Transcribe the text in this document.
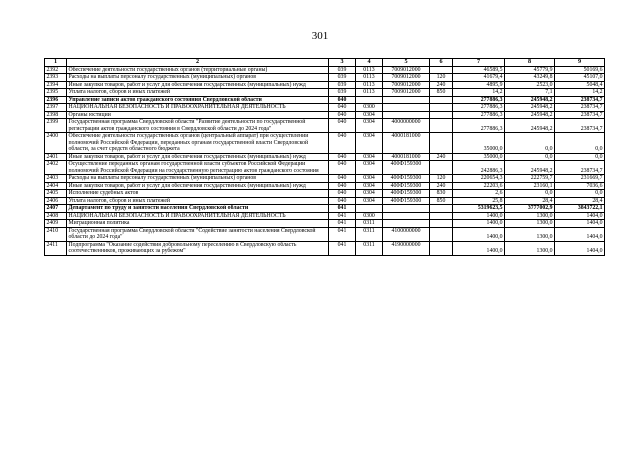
301
1	2	3	4	5	6	7	8	9
2392	Обеспечение деятельности государственных органов (территориальные органы)	039	0113	7009012000		46589,5	45779,9	50169,6
2393	Расходы на выплаты персоналу государственных (муниципальных) органов	039	0113	7009012000	120	41679,4	43249,8	45107,0
2394	Иные закупки товаров, работ и услуг для обеспечения государственных (муниципальных) нужд	039	0113	7009012000	240	4895,9	2523,0	5048,4
2395	Уплата налогов, сборов и иных платежей	039	0113	7009012000	850	14,2	7,1	14,2
2396	Управление записи актов гражданского состояния Свердловской области	040				277886,3	245948,2	238734,7
2397	НАЦИОНАЛЬНАЯ БЕЗОПАСНОСТЬ И ПРАВООХРАНИТЕЛЬНАЯ ДЕЯТЕЛЬНОСТЬ	040	0300			277886,3	245948,2	238734,7
2398	Органы юстиции	040	0304			277886,3	245948,2	238734,7
2399	Государственная программа Свердловской области "Развитие деятельности по государственной регистрации актов гражданского состояния в Свердловской области до 2024 года"	040	0304	4000000000		277886,3	245948,2	238734,7
2400	Обеспечение деятельности государственных органов (центральный аппарат) при осуществлении полномочий Российской Федерации, переданных органам государственной власти Свердловской области, за счет средств областного бюджета	040	0304	4000181000		35000,0	0,0	0,0
2401	Иные закупки товаров, работ и услуг для обеспечения государственных (муниципальных) нужд	040	0304	4000181000	240	35000,0	0,0	0,0
2402	Осуществление переданных органам государственной власти субъектов Российской Федерации полномочий Российской Федерации на государственную регистрацию актов гражданского состояния	040	0304	400Ф159300		242886,3	245948,2	238734,7
2403	Расходы на выплаты персоналу государственных (муниципальных) органов	040	0304	400Ф159300	120	220654,3	222759,7	231669,7
2404	Иные закупки товаров, работ и услуг для обеспечения государственных (муниципальных) нужд	040	0304	400Ф159300	240	22203,6	23160,1	7036,6
2405	Исполнение судебных актов	040	0304	400Ф159300	830	2,6	0,0	0,0
2406	Уплата налогов, сборов и иных платежей	040	0304	400Ф159300	850	25,8	28,4	28,4
2407	Департамент по труду и занятости населения Свердловской области	041				5319623,5	3777002,9	3843722,1
2408	НАЦИОНАЛЬНАЯ БЕЗОПАСНОСТЬ И ПРАВООХРАНИТЕЛЬНАЯ ДЕЯТЕЛЬНОСТЬ	041	0300			1400,0	1300,0	1404,0
2409	Миграционная политика	041	0311			1400,0	1300,0	1404,0
2410	Государственная программа Свердловской области "Содействие занятости населения Свердловской области до 2024 года"	041	0311	4100000000		1400,0	1300,0	1404,0
2411	Подпрограмма "Оказание содействия добровольному переселению в Свердловскую область соотечественников, проживающих за рубежом"	041	0311	4190000000		1400,0	1300,0	1404,0
